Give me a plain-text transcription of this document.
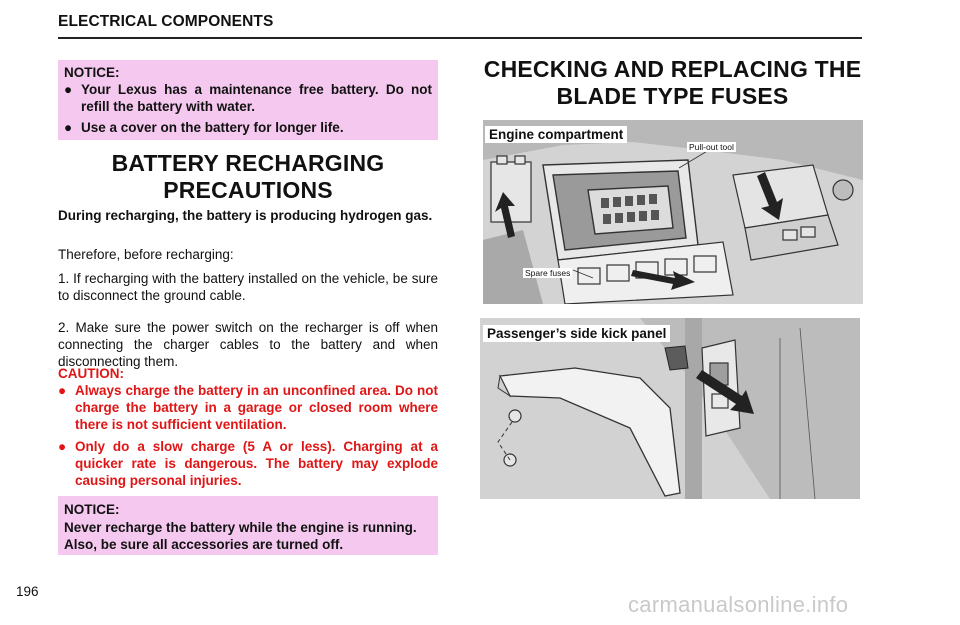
ELECTRICAL COMPONENTS
NOTICE:
● Your Lexus has a maintenance free battery. Do not refill the battery with water.
● Use a cover on the battery for longer life.
BATTERY RECHARGING
PRECAUTIONS
During recharging, the battery is producing hydrogen gas.
Therefore, before recharging:
1. If recharging with the battery installed on the vehicle, be sure to disconnect the ground cable.
2. Make sure the power switch on the recharger is off when connecting the charger cables to the battery and when disconnecting them.
CAUTION:
● Always charge the battery in an unconfined area. Do not charge the battery in a garage or closed room where there is not sufficient ventilation.
● Only do a slow charge (5 A or less). Charging at a quicker rate is dangerous. The battery may explode causing personal injuries.
NOTICE:
Never recharge the battery while the engine is running.
Also, be sure all accessories are turned off.
CHECKING AND REPLACING THE
BLADE TYPE FUSES
Engine compartment
Pull-out tool
Spare fuses
Passenger’s side kick panel
196
carmanualsonline.info
